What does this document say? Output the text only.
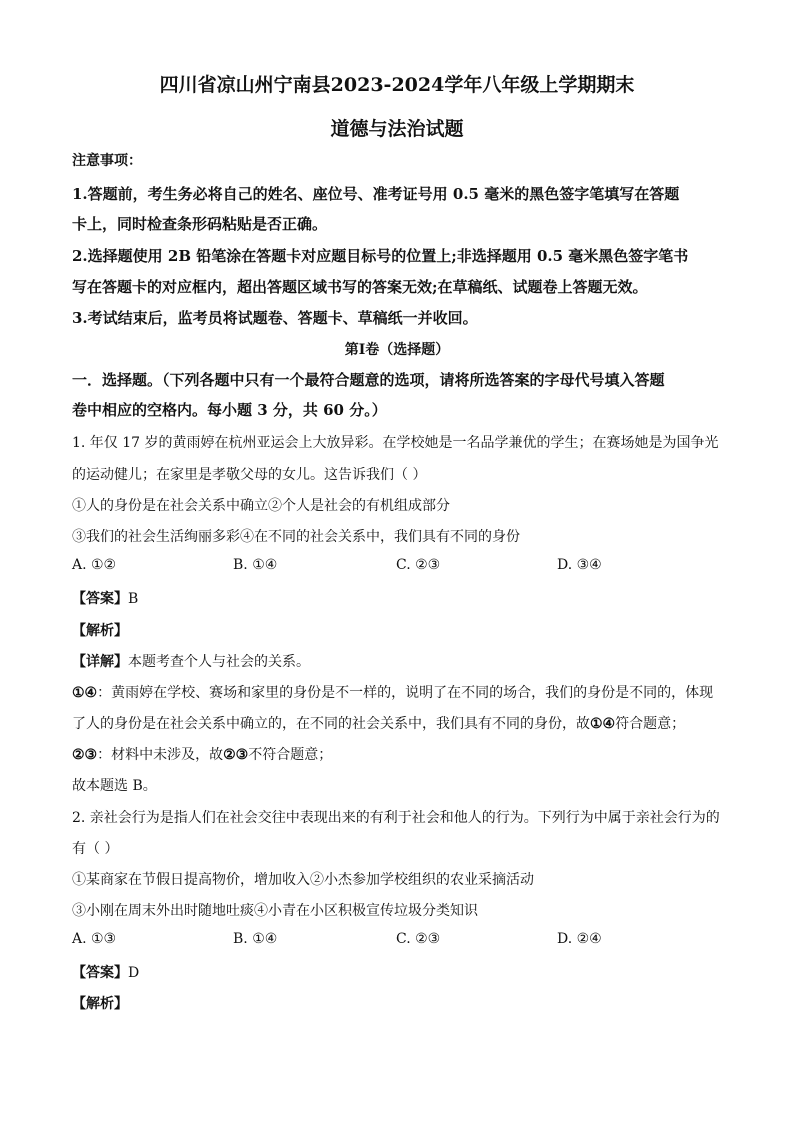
四川省凉山州宁南县2023-2024学年八年级上学期期末
道德与法治试题
注意事项：
1.答题前，考生务必将自己的姓名、座位号、准考证号用 0.5 毫米的黑色签字笔填写在答题
卡上，同时检查条形码粘贴是否正确。
2.选择题使用 2B 铅笔涂在答题卡对应题目标号的位置上;非选择题用 0.5 毫米黑色签字笔书
写在答题卡的对应框内，超出答题区域书写的答案无效;在草稿纸、试题卷上答题无效。
3.考试结束后，监考员将试题卷、答题卡、草稿纸一并收回。
第Ⅰ卷（选择题）
一．选择题。（下列各题中只有一个最符合题意的选项，请将所选答案的字母代号填入答题
卷中相应的空格内。每小题 3 分，共 60 分。）
1. 年仅 17 岁的黄雨婷在杭州亚运会上大放异彩。在学校她是一名品学兼优的学生；在赛场她是为国争光
的运动健儿；在家里是孝敬父母的女儿。这告诉我们（ ）
①人的身份是在社会关系中确立②个人是社会的有机组成部分
③我们的社会生活绚丽多彩④在不同的社会关系中，我们具有不同的身份
A. ①②	B. ①④	C. ②③	D. ③④
【答案】B
【解析】
【详解】本题考查个人与社会的关系。
①④：黄雨婷在学校、赛场和家里的身份是不一样的，说明了在不同的场合，我们的身份是不同的，体现
了人的身份是在社会关系中确立的，在不同的社会关系中，我们具有不同的身份，故①④符合题意；
②③：材料中未涉及，故②③不符合题意；
故本题选 B。
2. 亲社会行为是指人们在社会交往中表现出来的有利于社会和他人的行为。下列行为中属于亲社会行为的
有（ ）
①某商家在节假日提高物价，增加收入②小杰参加学校组织的农业采摘活动
③小刚在周末外出时随地吐痰④小青在小区积极宣传垃圾分类知识
A. ①③	B. ①④	C. ②③	D. ②④
【答案】D
【解析】
